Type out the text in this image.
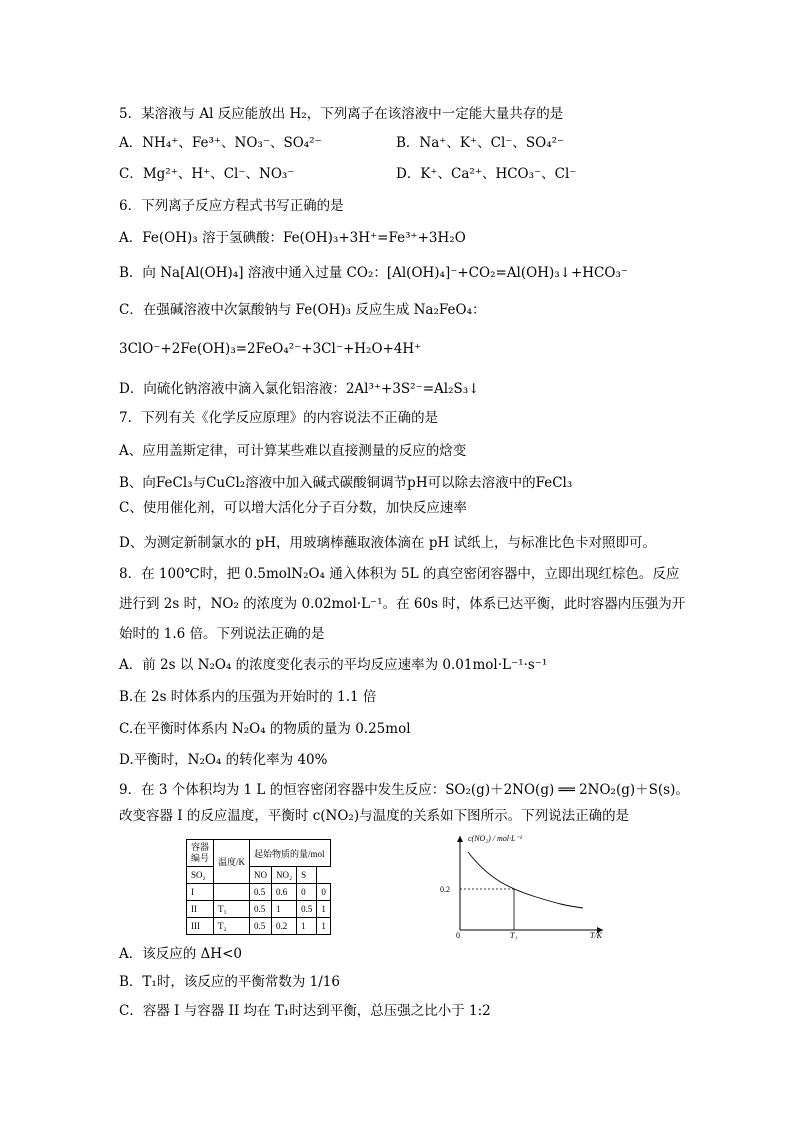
5．某溶液与 Al 反应能放出 H₂，下列离子在该溶液中一定能大量共存的是
A．NH₄⁺、Fe³⁺、NO₃⁻、SO₄²⁻	B．Na⁺、K⁺、Cl⁻、SO₄²⁻
C．Mg²⁺、H⁺、Cl⁻、NO₃⁻	D．K⁺、Ca²⁺、HCO₃⁻、Cl⁻
6．下列离子反应方程式书写正确的是
A．Fe(OH)₃ 溶于氢碘酸：Fe(OH)₃+3H⁺=Fe³⁺+3H₂O
B．向 Na[Al(OH)₄] 溶液中通入过量 CO₂：[Al(OH)₄]⁻+CO₂=Al(OH)₃↓+HCO₃⁻
C．在强碱溶液中次氯酸钠与 Fe(OH)₃ 反应生成 Na₂FeO₄：
3ClO⁻+2Fe(OH)₃=2FeO₄²⁻+3Cl⁻+H₂O+4H⁺
D．向硫化钠溶液中滴入氯化铝溶液：2Al³⁺+3S²⁻=Al₂S₃↓
7．下列有关《化学反应原理》的内容说法不正确的是
A、应用盖斯定律，可计算某些难以直接测量的反应的焓变
B、向FeCl₃与CuCl₂溶液中加入碱式碳酸铜调节pH可以除去溶液中的FeCl₃
C、使用催化剂，可以增大活化分子百分数，加快反应速率
D、为测定新制氯水的 pH，用玻璃棒蘸取液体滴在 pH 试纸上，与标准比色卡对照即可。
8．在 100℃时，把 0.5molN₂O₄ 通入体积为 5L 的真空密闭容器中，立即出现红棕色。反应
进行到 2s 时，NO₂ 的浓度为 0.02mol·L⁻¹。在 60s 时，体系已达平衡，此时容器内压强为开
始时的 1.6 倍。下列说法正确的是
A．前 2s 以 N₂O₄ 的浓度变化表示的平均反应速率为 0.01mol·L⁻¹·s⁻¹
B.在 2s 时体系内的压强为开始时的 1.1 倍
C.在平衡时体系内 N₂O₄ 的物质的量为 0.25mol
D.平衡时，N₂O₄ 的转化率为 40%
9．在 3 个体积均为 1 L 的恒容密闭容器中发生反应：SO₂(g)＋2NO(g) ══ 2NO₂(g)＋S(s)。
改变容器 I 的反应温度，平衡时 c(NO₂)与温度的关系如下图所示。下列说法正确的是
容器
编号	温度/K	起始物质的量/mol			
SO₂		NO	NO₂	S	
I		0.5	0.6	0	0
II	T₁	0.5	1	0.5	1
III	T₂	0.5	0.2	1	1
c(NO₂) / mol·L⁻¹
0.2
0	T₁	T/K
A．该反应的 ΔH<0
B．T₁时，该反应的平衡常数为 1/16
C．容器 I 与容器 II 均在 T₁时达到平衡，总压强之比小于 1:2
